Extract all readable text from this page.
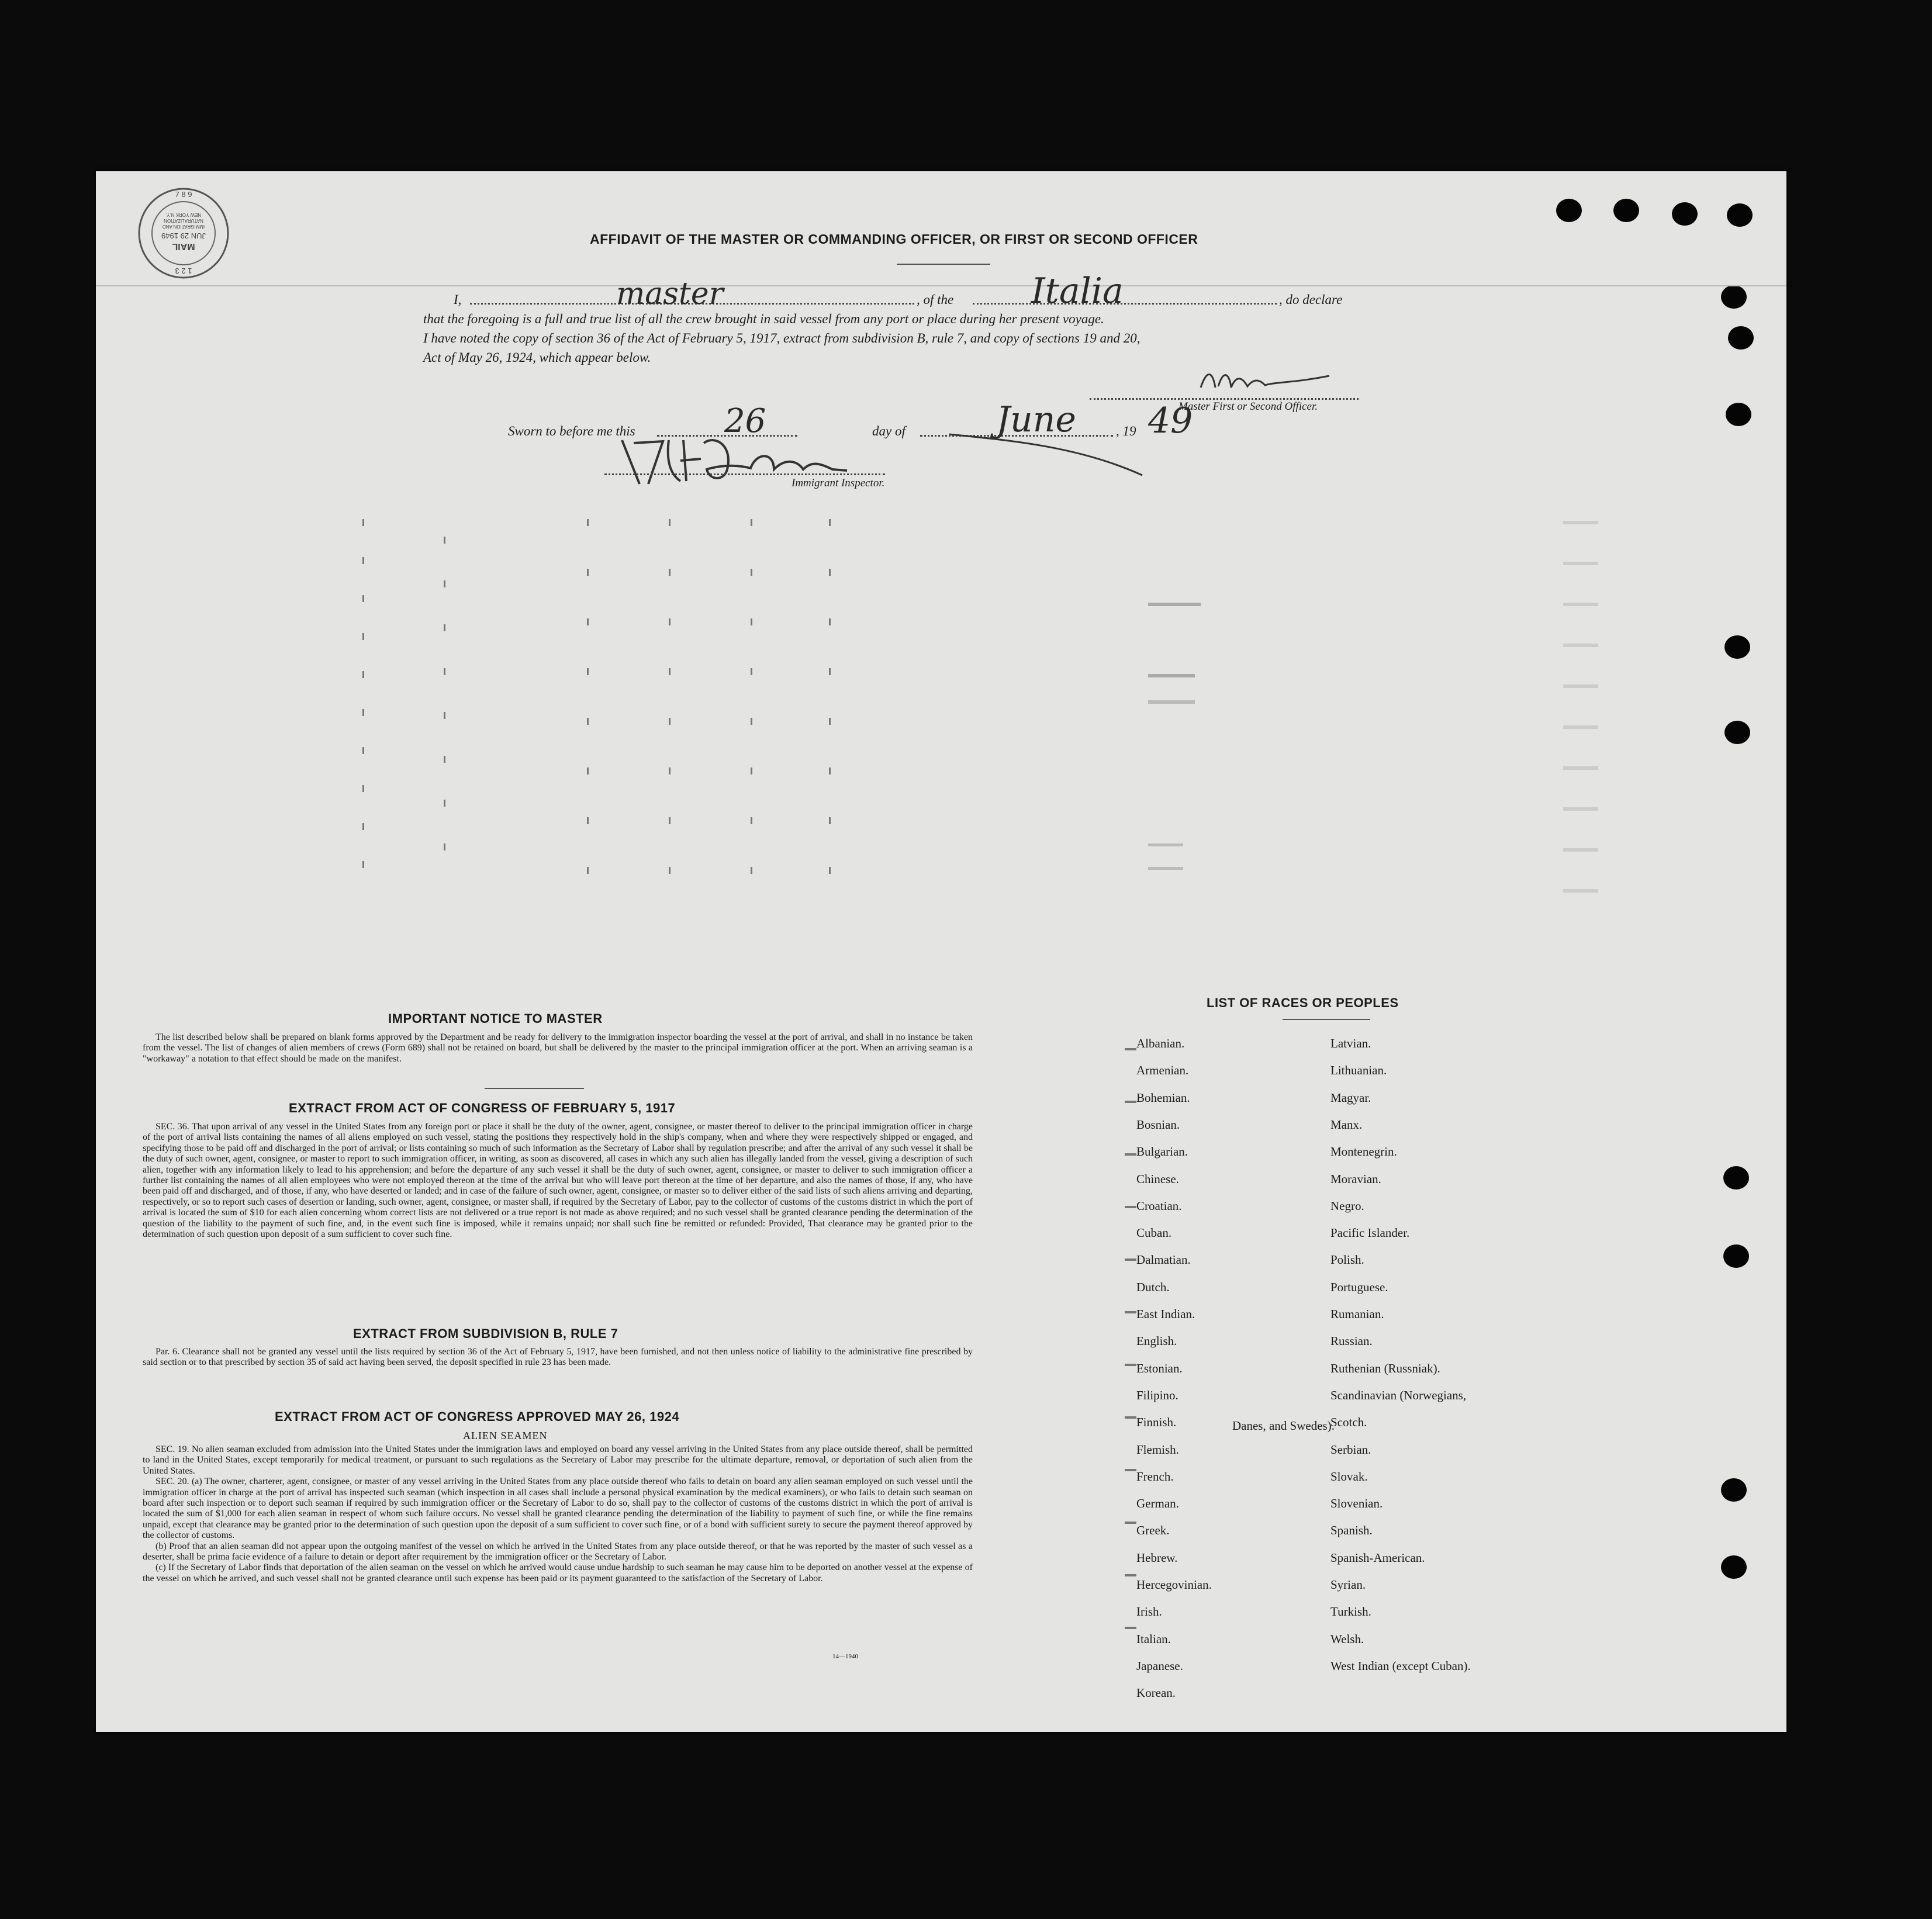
MAIL
JUN 29 1949
IMMIGRATION AND
NATURALIZATION
NEW YORK N.Y.
7 8 9
1 2 3
AFFIDAVIT OF THE MASTER OR COMMANDING OFFICER, OR FIRST OR SECOND OFFICER
I,	master	, of the Italia	, do declare
that the foregoing is a full and true list of all the crew brought in said vessel from any port or place during her present voyage.
I have noted the copy of section 36 of the Act of February 5, 1917, extract from subdivision B, rule 7, and copy of sections 19 and 20,
Act of May 26, 1924, which appear below.
Master First or Second Officer.
Sworn to before me this	26	day of	June	, 19 49
Immigrant Inspector.
IMPORTANT NOTICE TO MASTER
The list described below shall be prepared on blank forms approved by the Department and be ready for delivery to the immigration inspector boarding the vessel at the port of arrival, and shall in no instance be taken from the vessel. The list of changes of alien members of crews (Form 689) shall not be retained on board, but shall be delivered by the master to the principal immigration officer at the port. When an arriving seaman is a "workaway" a notation to that effect should be made on the manifest.
EXTRACT FROM ACT OF CONGRESS OF FEBRUARY 5, 1917
SEC. 36. That upon arrival of any vessel in the United States from any foreign port or place it shall be the duty of the owner, agent, consignee, or master thereof to deliver to the principal immigration officer in charge of the port of arrival lists containing the names of all aliens employed on such vessel, stating the positions they respectively hold in the ship's company, when and where they were respectively shipped or engaged, and specifying those to be paid off and discharged in the port of arrival; or lists containing so much of such information as the Secretary of Labor shall by regulation prescribe; and after the arrival of any such vessel it shall be the duty of such owner, agent, consignee, or master to report to such immigration officer, in writing, as soon as discovered, all cases in which any such alien has illegally landed from the vessel, giving a description of such alien, together with any information likely to lead to his apprehension; and before the departure of any such vessel it shall be the duty of such owner, agent, consignee, or master to deliver to such immigration officer a further list containing the names of all alien employees who were not employed thereon at the time of the arrival but who will leave port thereon at the time of her departure, and also the names of those, if any, who have been paid off and discharged, and of those, if any, who have deserted or landed; and in case of the failure of such owner, agent, consignee, or master so to deliver either of the said lists of such aliens arriving and departing, respectively, or so to report such cases of desertion or landing, such owner, agent, consignee, or master shall, if required by the Secretary of Labor, pay to the collector of customs of the customs district in which the port of arrival is located the sum of $10 for each alien concerning whom correct lists are not delivered or a true report is not made as above required; and no such vessel shall be granted clearance pending the determination of the question of the liability to the payment of such fine, and, in the event such fine is imposed, while it remains unpaid; nor shall such fine be remitted or refunded: Provided, That clearance may be granted prior to the determination of such question upon deposit of a sum sufficient to cover such fine.
EXTRACT FROM SUBDIVISION B, RULE 7
Par. 6. Clearance shall not be granted any vessel until the lists required by section 36 of the Act of February 5, 1917, have been furnished, and not then unless notice of liability to the administrative fine prescribed by said section or to that prescribed by section 35 of said act having been served, the deposit specified in rule 23 has been made.
EXTRACT FROM ACT OF CONGRESS APPROVED MAY 26, 1924
ALIEN SEAMEN

SEC. 19. No alien seaman excluded from admission into the United States under the immigration laws and employed on board any vessel arriving in the United States from any place outside thereof, shall be permitted to land in the United States, except temporarily for medical treatment, or pursuant to such regulations as the Secretary of Labor may prescribe for the ultimate departure, removal, or deportation of such alien from the United States.

SEC. 20. (a) The owner, charterer, agent, consignee, or master of any vessel arriving in the United States from any place outside thereof who fails to detain on board any alien seaman employed on such vessel until the immigration officer in charge at the port of arrival has inspected such seaman (which inspection in all cases shall include a personal physical examination by the medical examiners), or who fails to detain such seaman on board after such inspection or to deport such seaman if required by such immigration officer or the Secretary of Labor to do so, shall pay to the collector of customs of the customs district in which the port of arrival is located the sum of $1,000 for each alien seaman in respect of whom such failure occurs. No vessel shall be granted clearance pending the determination of the liability to payment of such fine, or while the fine remains unpaid, except that clearance may be granted prior to the determination of such question upon the deposit of a sum sufficient to cover such fine, or of a bond with sufficient surety to secure the payment thereof approved by the collector of customs.

(b) Proof that an alien seaman did not appear upon the outgoing manifest of the vessel on which he arrived in the United States from any place outside thereof, or that he was reported by the master of such vessel as a deserter, shall be prima facie evidence of a failure to detain or deport after requirement by the immigration officer or the Secretary of Labor.

(c) If the Secretary of Labor finds that deportation of the alien seaman on the vessel on which he arrived would cause undue hardship to such seaman he may cause him to be deported on another vessel at the expense of the vessel on which he arrived, and such vessel shall not be granted clearance until such expense has been paid or its payment guaranteed to the satisfaction of the Secretary of Labor.

14—1940
LIST OF RACES OR PEOPLES
Albanian.
Armenian.
Bohemian.
Bosnian.
Bulgarian.
Chinese.
Croatian.
Cuban.
Dalmatian.
Dutch.
East Indian.
English.
Estonian.
Filipino.
Finnish.
Flemish.
French.
German.
Greek.
Hebrew.
Hercegovinian.
Irish.
Italian.
Japanese.
Korean.
Latvian.
Lithuanian.
Magyar.
Manx.
Montenegrin.
Moravian.
Negro.
Pacific Islander.
Polish.
Portuguese.
Rumanian.
Russian.
Ruthenian (Russniak).
Scandinavian (Norwegians,
Scotch.
Serbian.
Slovak.
Slovenian.
Spanish.
Spanish-American.
Syrian.
Turkish.
Welsh.
West Indian (except Cuban).
Danes, and Swedes).
